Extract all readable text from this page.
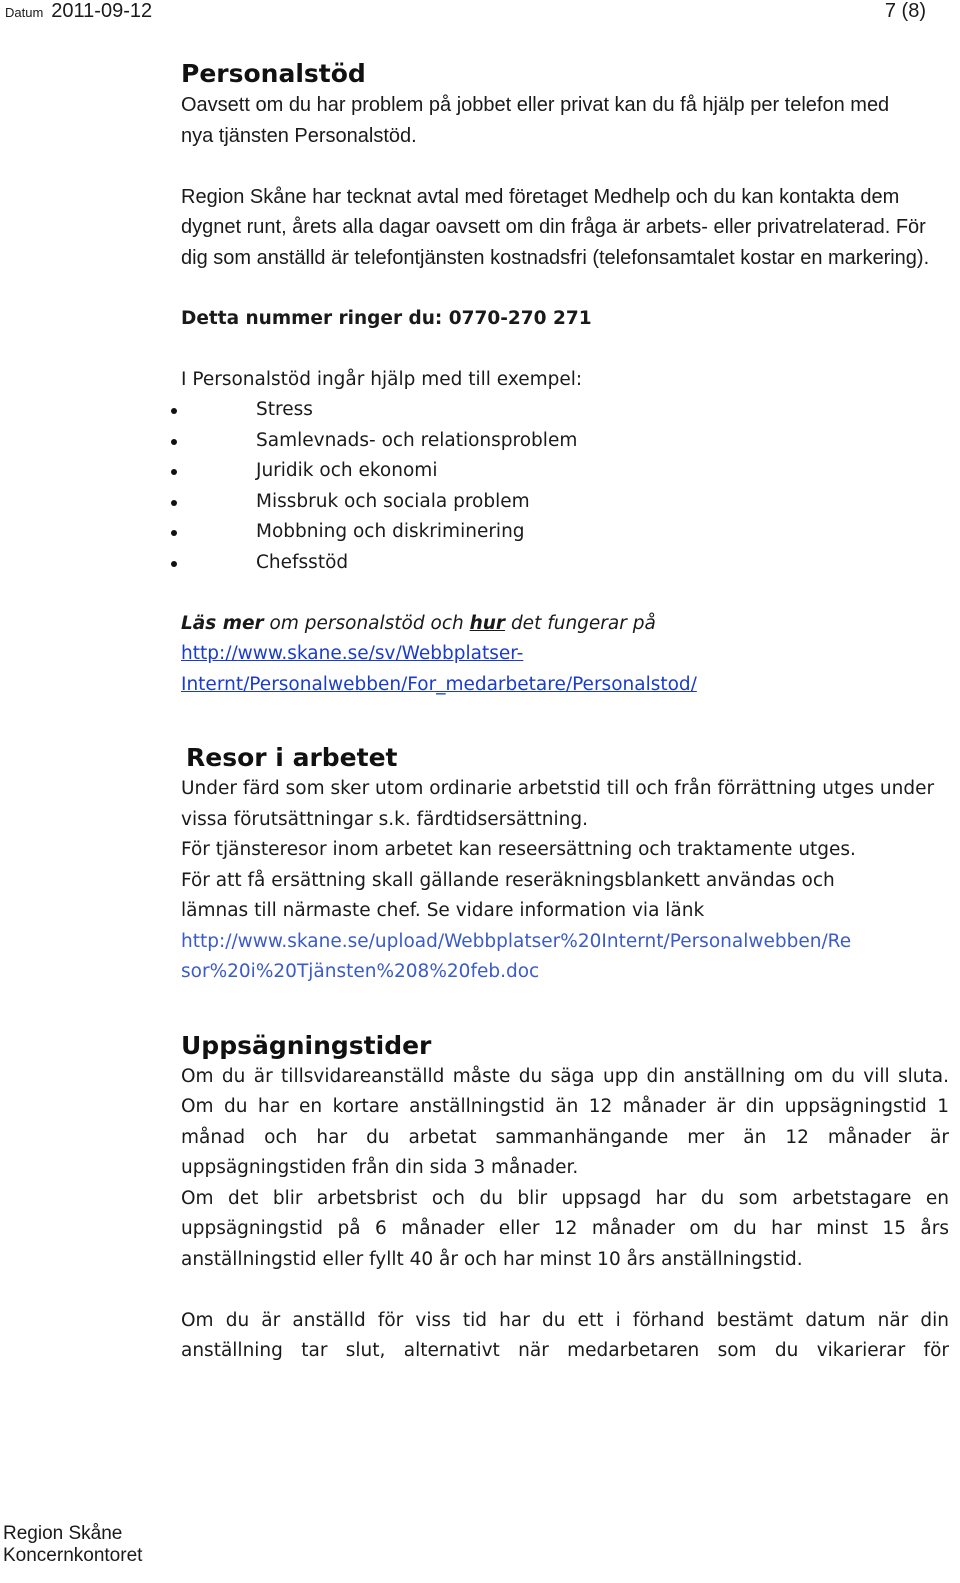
Datum 2011-09-12	7 (8)
Personalstöd

Oavsett om du har problem på jobbet eller privat kan du få hjälp per telefon med nya tjänsten Personalstöd.

Region Skåne har tecknat avtal med företaget Medhelp och du kan kontakta dem dygnet runt, årets alla dagar oavsett om din fråga är arbets- eller privatrelaterad. För dig som anställd är telefontjänsten kostnadsfri (telefonsamtalet kostar en markering).

Detta nummer ringer du: 0770-270 271

I Personalstöd ingår hjälp med till exempel:

Stress
Samlevnads- och relationsproblem
Juridik och ekonomi
Missbruk och sociala problem
Mobbning och diskriminering
Chefsstöd

Läs mer om personalstöd och hur det fungerar på

http://www.skane.se/sv/Webbplatser-
Internt/Personalwebben/For_medarbetare/Personalstod/

Resor i arbetet

Under färd som sker utom ordinarie arbetstid till och från förrättning utges under vissa förutsättningar s.k. färdtidsersättning.

För tjänsteresor inom arbetet kan reseersättning och traktamente utges.

För att få ersättning skall gällande reseräkningsblankett användas och lämnas till närmaste chef. Se vidare information via länk

http://www.skane.se/upload/Webbplatser%20Internt/Personalwebben/Re
sor%20i%20Tjänsten%208%20feb.doc

Uppsägningstider

Om du är tillsvidareanställd måste du säga upp din anställning om du vill sluta. Om du har en kortare anställningstid än 12 månader är din uppsägningstid 1 månad och har du arbetat sammanhängande mer än 12 månader är uppsägningstiden från din sida 3 månader.

Om det blir arbetsbrist och du blir uppsagd har du som arbetstagare en uppsägningstid på 6 månader eller 12 månader om du har minst 15 års anställningstid eller fyllt 40 år och har minst 10 års anställningstid.

Om du är anställd för viss tid har du ett i förhand bestämt datum när din anställning tar slut, alternativt när medarbetaren som du vikarierar för

Region Skåne
Koncernkontoret
